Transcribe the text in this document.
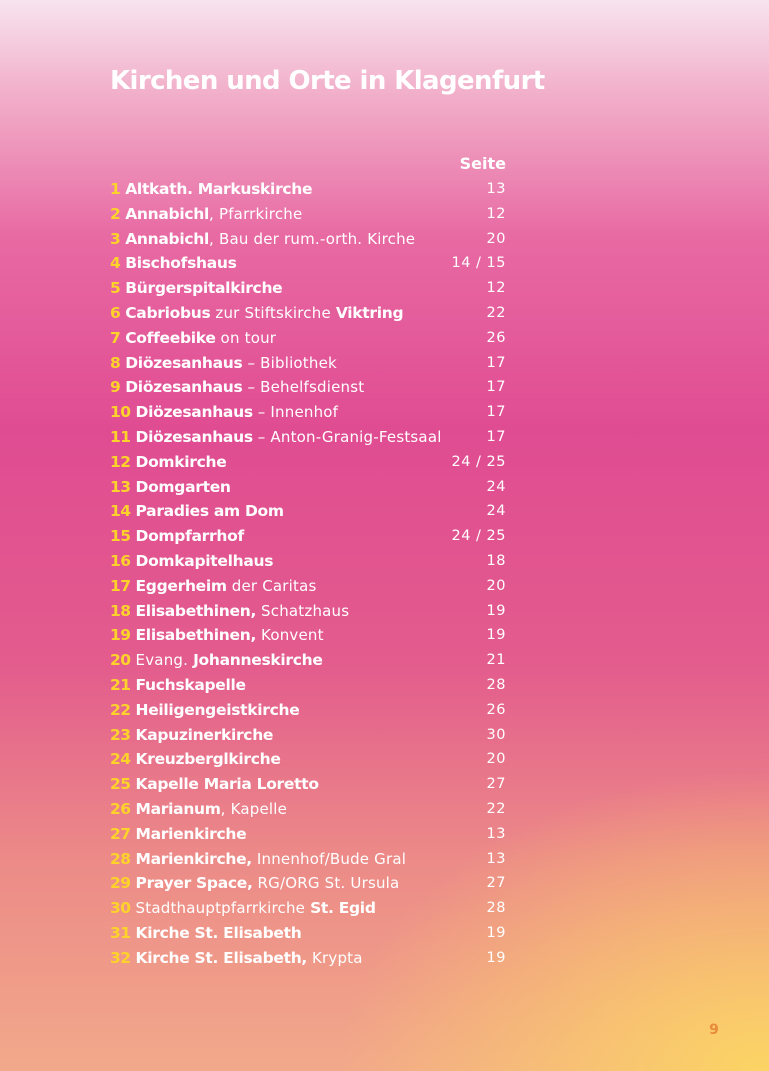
Kirchen und Orte in Klagenfurt
Seite
1 Altkath. Markuskirche	13
2 Annabichl, Pfarrkirche	12
3 Annabichl, Bau der rum.-orth. Kirche	20
4 Bischofshaus	14 / 15
5 Bürgerspitalkirche	12
6 Cabriobus zur Stiftskirche Viktring	22
7 Coffeebike on tour	26
8 Diözesanhaus – Bibliothek	17
9 Diözesanhaus – Behelfsdienst	17
10 Diözesanhaus – Innenhof	17
11 Diözesanhaus – Anton-Granig-Festsaal	17
12 Domkirche	24 / 25
13 Domgarten	24
14 Paradies am Dom	24
15 Dompfarrhof	24 / 25
16 Domkapitelhaus	18
17 Eggerheim der Caritas	20
18 Elisabethinen, Schatzhaus	19
19 Elisabethinen, Konvent	19
20 Evang. Johanneskirche	21
21 Fuchskapelle	28
22 Heiligengeistkirche	26
23 Kapuzinerkirche	30
24 Kreuzberglkirche	20
25 Kapelle Maria Loretto	27
26 Marianum, Kapelle	22
27 Marienkirche	13
28 Marienkirche, Innenhof/Bude Gral	13
29 Prayer Space, RG/ORG St. Ursula	27
30 Stadthauptpfarrkirche St. Egid	28
31 Kirche St. Elisabeth	19
32 Kirche St. Elisabeth, Krypta	19
9
